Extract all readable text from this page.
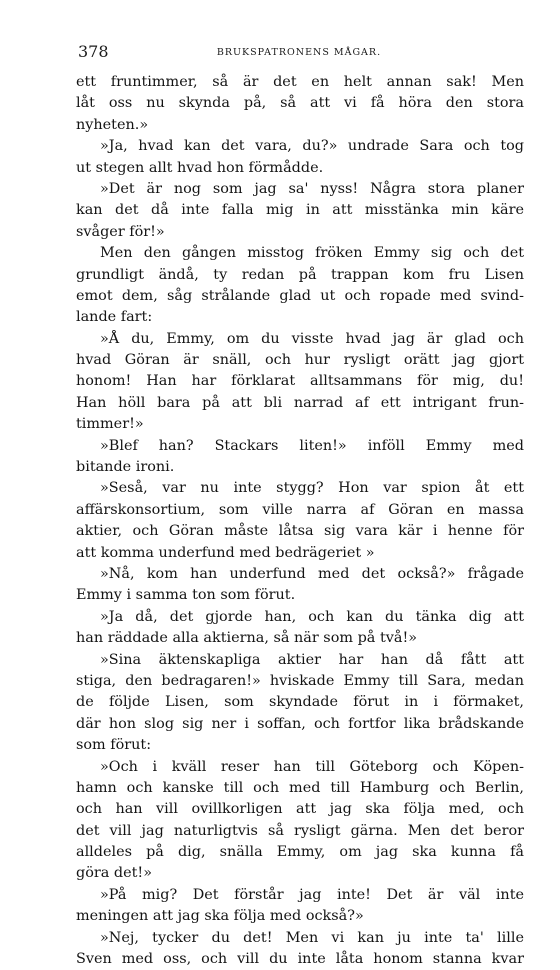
378	BRUKSPATRONENS MÅGAR.
ett fruntimmer, så är det en helt annan sak! Men
låt oss nu skynda på, så att vi få höra den stora
nyheten.»
»Ja, hvad kan det vara, du?» undrade Sara och tog
ut stegen allt hvad hon förmådde.
»Det är nog som jag sa' nyss! Några stora planer
kan det då inte falla mig in att misstänka min käre
svåger för!»
Men den gången misstog fröken Emmy sig och det
grundligt ändå, ty redan på trappan kom fru Lisen
emot dem, såg strålande glad ut och ropade med svind-
lande fart:
»Å du, Emmy, om du visste hvad jag är glad och
hvad Göran är snäll, och hur rysligt orätt jag gjort
honom! Han har förklarat alltsammans för mig, du!
Han höll bara på att bli narrad af ett intrigant frun-
timmer!»
»Blef han? Stackars liten!» inföll Emmy med
bitande ironi.
»Seså, var nu inte stygg? Hon var spion åt ett
affärskonsortium, som ville narra af Göran en massa
aktier, och Göran måste låtsa sig vara kär i henne för
att komma underfund med bedrägeriet »
»Nå, kom han underfund med det också?» frågade
Emmy i samma ton som förut.
»Ja då, det gjorde han, och kan du tänka dig att
han räddade alla aktierna, så när som på två!»
»Sina äktenskapliga aktier har han då fått att
stiga, den bedragaren!» hviskade Emmy till Sara, medan
de följde Lisen, som skyndade förut in i förmaket,
där hon slog sig ner i soffan, och fortfor lika brådskande
som förut:
»Och i kväll reser han till Göteborg och Köpen-
hamn och kanske till och med till Hamburg och Berlin,
och han vill ovillkorligen att jag ska följa med, och
det vill jag naturligtvis så rysligt gärna. Men det beror
alldeles på dig, snälla Emmy, om jag ska kunna få
göra det!»
»På mig? Det förstår jag inte! Det är väl inte
meningen att jag ska följa med också?»
»Nej, tycker du det! Men vi kan ju inte ta' lille
Sven med oss, och vill du inte låta honom stanna kvar
